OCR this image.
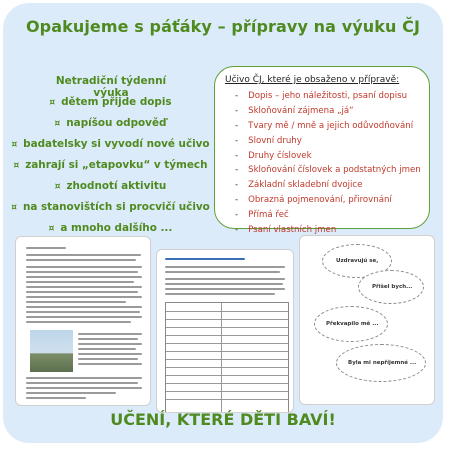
Opakujeme s páťáky – přípravy na výuku ČJ
Netradiční týdenní výuka
¤ dětem přijde dopis
¤ napíšou odpověď
¤ badatelsky si vyvodí nové učivo
¤ zahrají si „etapovku“ v týmech
¤ zhodnotí aktivitu
¤ na stanovištích si procvičí učivo
¤ a mnoho dalšího ...
Učivo ČJ, které je obsaženo v přípravě:
- Dopis – jeho náležitosti, psaní dopisu
- Skloňování zájmena „já“
- Tvary mě / mně a jejich odůvodňování
- Slovní druhy
- Druhy číslovek
- Skloňování číslovek a podstatných jmen
- Základní skladební dvojice
- Obrazná pojmenování, přirovnání
- Přímá řeč
- Psaní vlastních jmen
Uzdravujú se,
Přišel bych...
Překvapilo mě ...
Byla mi nepříjemné ...
UČENÍ, KTERÉ DĚTI BAVÍ!
